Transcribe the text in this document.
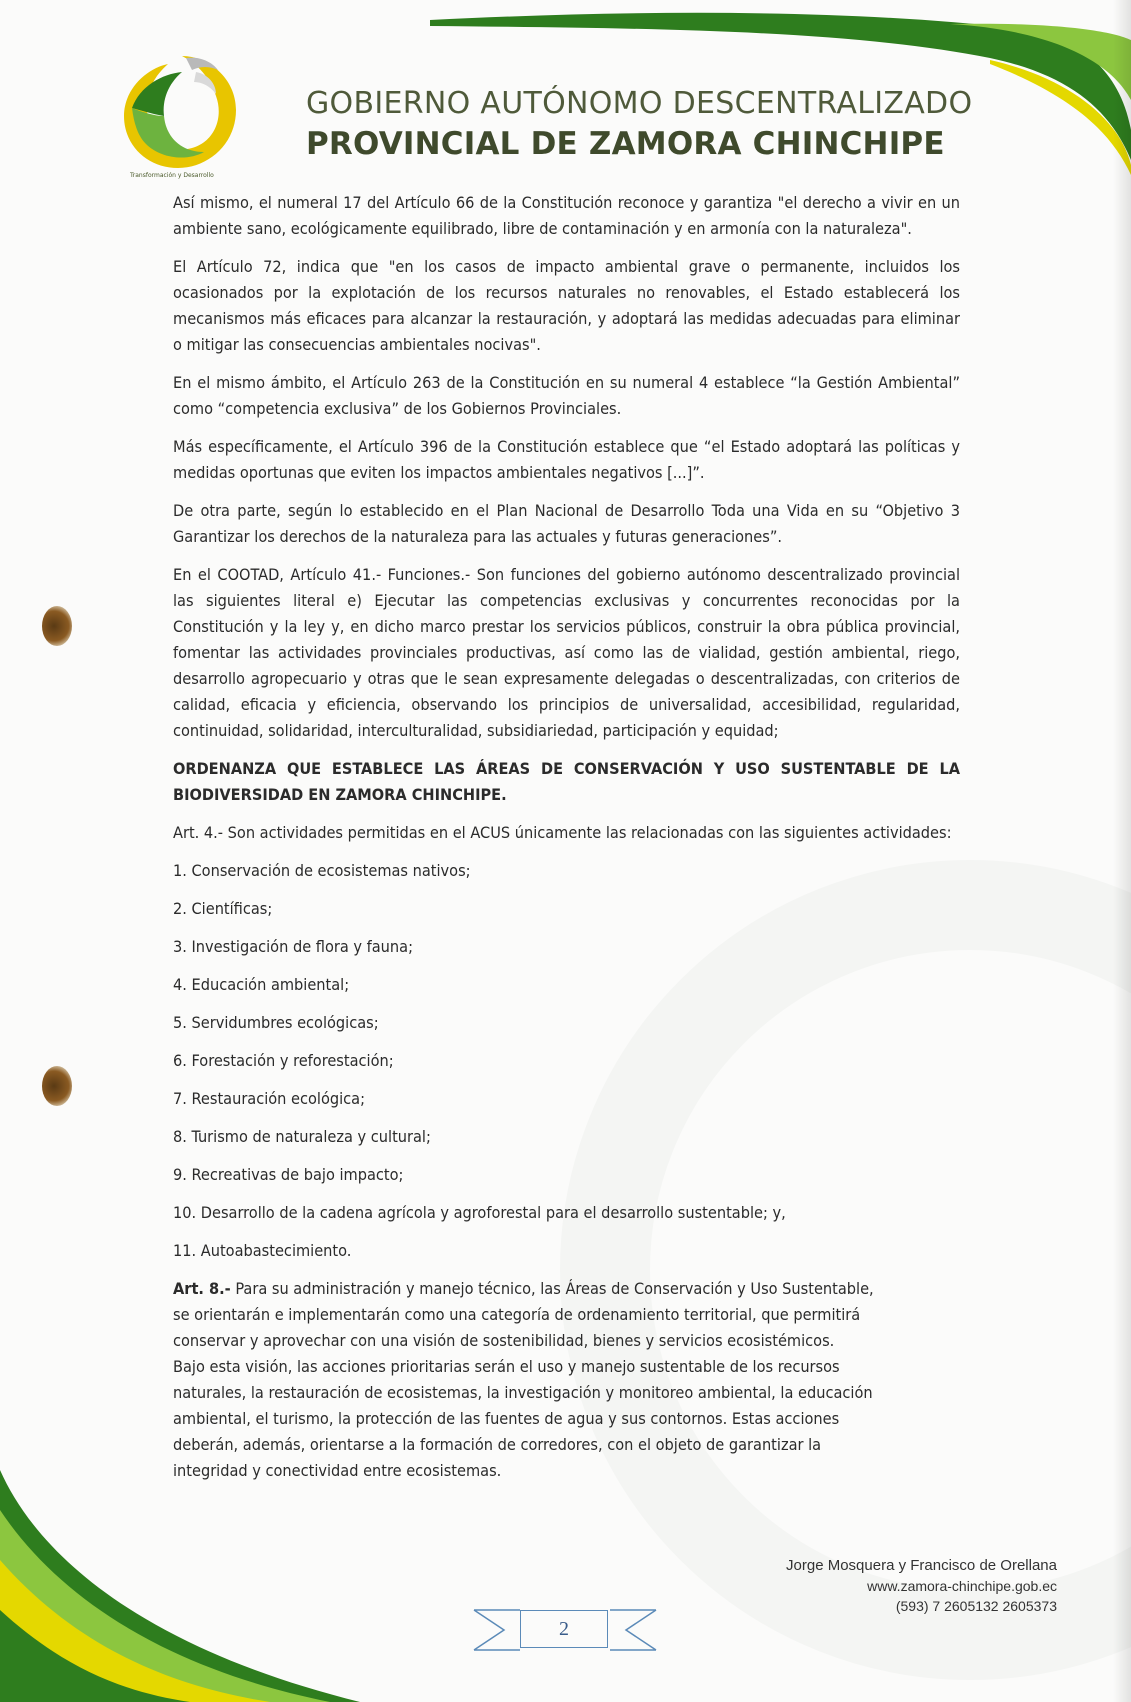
Transformación y Desarrollo
GOBIERNO AUTÓNOMO DESCENTRALIZADO
PROVINCIAL DE ZAMORA CHINCHIPE

Así mismo, el numeral 17 del Artículo 66 de la Constitución reconoce y garantiza "el derecho a vivir en un ambiente sano, ecológicamente equilibrado, libre de contaminación y en armonía con la naturaleza".

El Artículo 72, indica que "en los casos de impacto ambiental grave o permanente, incluidos los ocasionados por la explotación de los recursos naturales no renovables, el Estado establecerá los mecanismos más eficaces para alcanzar la restauración, y adoptará las medidas adecuadas para eliminar o mitigar las consecuencias ambientales nocivas".

En el mismo ámbito, el Artículo 263 de la Constitución en su numeral 4 establece “la Gestión Ambiental” como “competencia exclusiva” de los Gobiernos Provinciales.

Más específicamente, el Artículo 396 de la Constitución establece que “el Estado adoptará las políticas y medidas oportunas que eviten los impactos ambientales negativos [...]”.

De otra parte, según lo establecido en el Plan Nacional de Desarrollo Toda una Vida en su “Objetivo 3 Garantizar los derechos de la naturaleza para las actuales y futuras generaciones”.

En el COOTAD, Artículo 41.- Funciones.- Son funciones del gobierno autónomo descentralizado provincial las siguientes literal e) Ejecutar las competencias exclusivas y concurrentes reconocidas por la Constitución y la ley y, en dicho marco prestar los servicios públicos, construir la obra pública provincial, fomentar las actividades provinciales productivas, así como las de vialidad, gestión ambiental, riego, desarrollo agropecuario y otras que le sean expresamente delegadas o descentralizadas, con criterios de calidad, eficacia y eficiencia, observando los principios de universalidad, accesibilidad, regularidad, continuidad, solidaridad, interculturalidad, subsidiariedad, participación y equidad;

ORDENANZA QUE ESTABLECE LAS ÁREAS DE CONSERVACIÓN Y USO SUSTENTABLE DE LA BIODIVERSIDAD EN ZAMORA CHINCHIPE.

Art. 4.- Son actividades permitidas en el ACUS únicamente las relacionadas con las siguientes actividades:

1. Conservación de ecosistemas nativos;
2. Científicas;
3. Investigación de flora y fauna;
4. Educación ambiental;
5. Servidumbres ecológicas;
6. Forestación y reforestación;
7. Restauración ecológica;
8. Turismo de naturaleza y cultural;
9. Recreativas de bajo impacto;
10. Desarrollo de la cadena agrícola y agroforestal para el desarrollo sustentable; y,
11. Autoabastecimiento.
Art. 8.- Para su administración y manejo técnico, las Áreas de Conservación y Uso Sustentable,
se orientarán e implementarán como una categoría de ordenamiento territorial, que permitirá
conservar y aprovechar con una visión de sostenibilidad, bienes y servicios ecosistémicos.
Bajo esta visión, las acciones prioritarias serán el uso y manejo sustentable de los recursos
naturales, la restauración de ecosistemas, la investigación y monitoreo ambiental, la educación
ambiental, el turismo, la protección de las fuentes de agua y sus contornos. Estas acciones
deberán, además, orientarse a la formación de corredores, con el objeto de garantizar la
integridad y conectividad entre ecosistemas.
Jorge Mosquera y Francisco de Orellana
www.zamora-chinchipe.gob.ec
(593) 7 2605132 2605373
2
